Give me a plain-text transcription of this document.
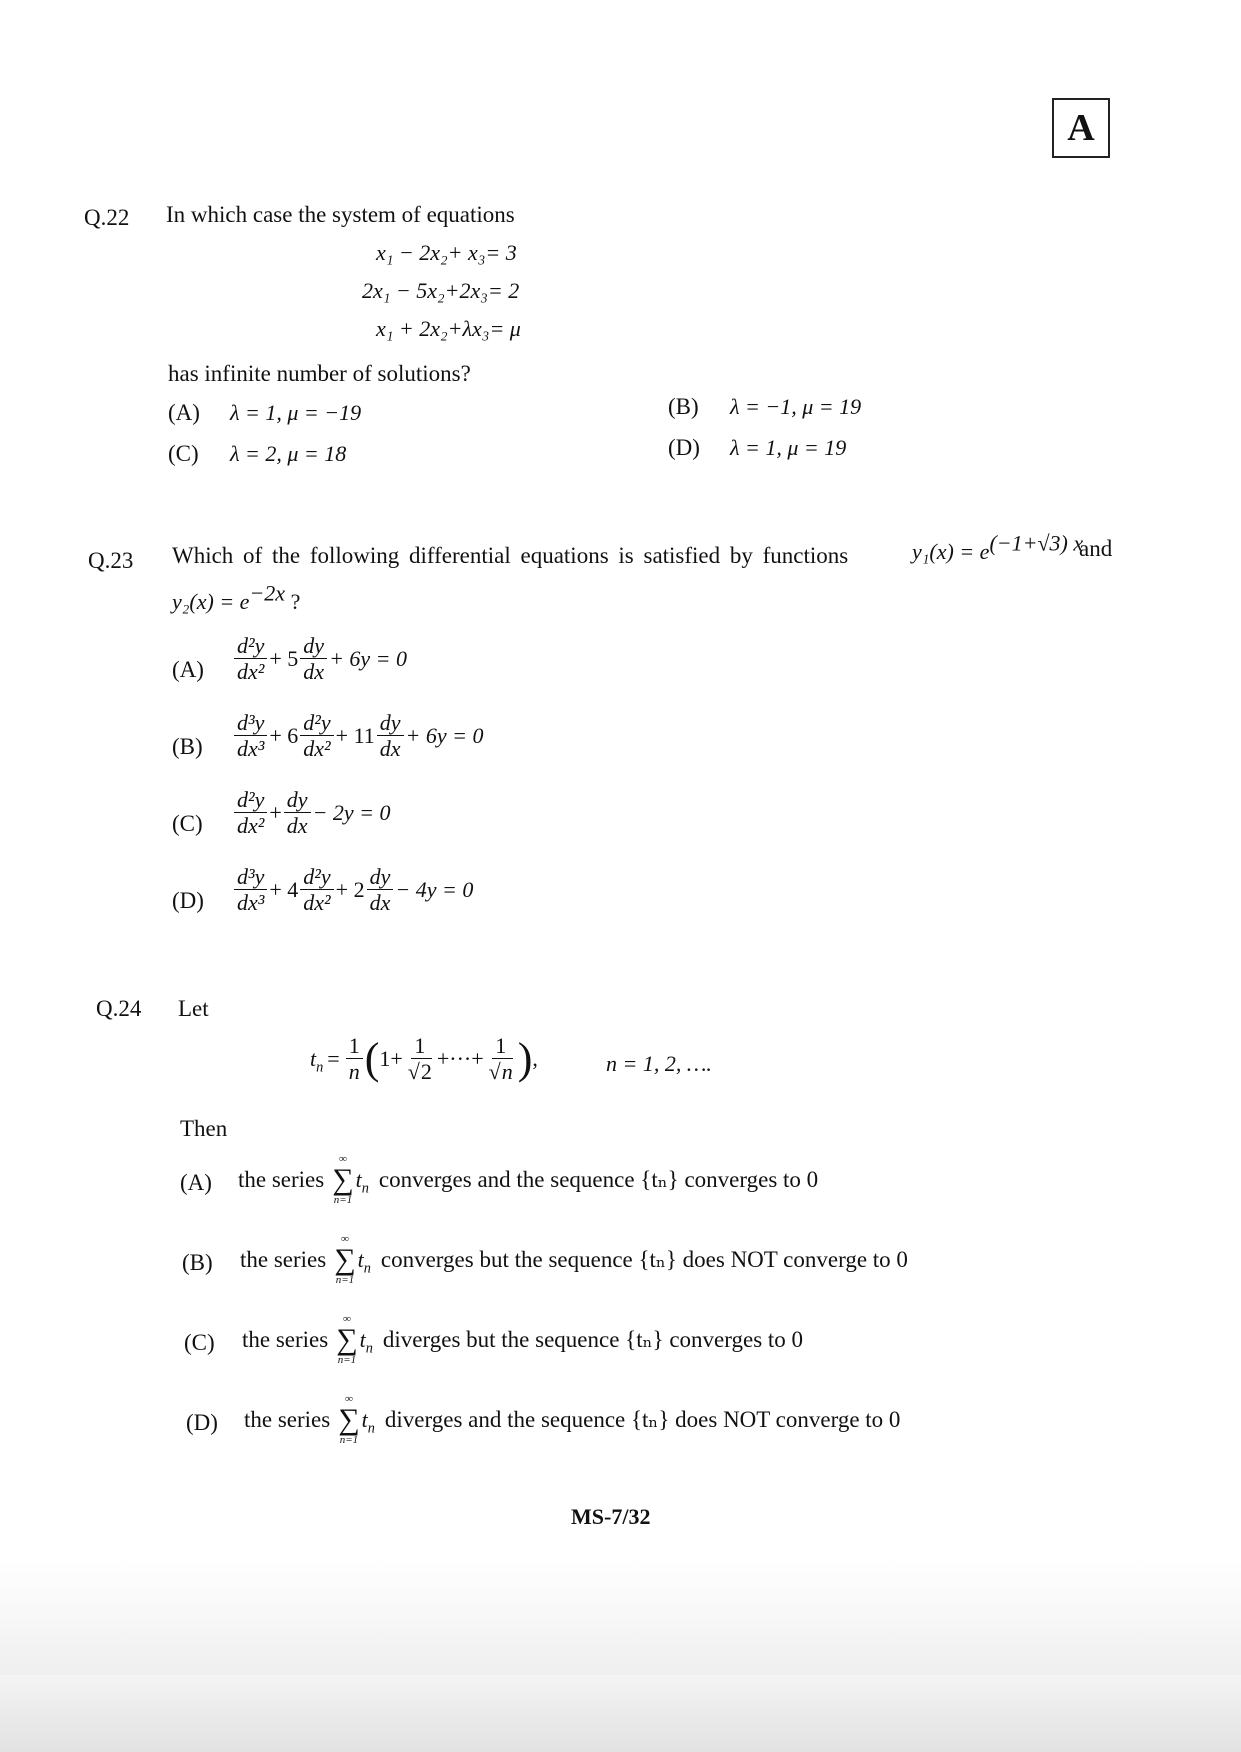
A
Q.22 In which case the system of equations
x₁ − 2x₂+ x₃= 3
2x₁ − 5x₂+2x₃= 2
x₁ + 2x₂+λx₃= μ
has infinite number of solutions?
(A) λ = 1, μ = −19	(B) λ = −1, μ = 19
(C) λ = 2, μ = 18	(D) λ = 1, μ = 19
Q.23 Which of the following differential equations is satisfied by functions	$y_1(x) = e^{(-1+√3) x}$
and
$y_2(x) = e^{-2x}$ ?
$(A) \frac{\text{d²y}}{\text{dx²}} + 5 \frac{dy}{dx} + 6y = 0$
$(B) \frac{\text{d³y}}{\text{dx³}} + 6 \frac{\text{d²y}}{\text{dx²}} + 11 \frac{dy}{dx} + 6y = 0$
$(C) \frac{\text{d²y}}{\text{dx²}} + \frac{dy}{dx} - 2y = 0$
$(D) \frac{\text{d³y}}{\text{dx³}} + 4 \frac{\text{d²y}}{\text{dx²}} + 2 \frac{dy}{dx} - 4y = 0$
Q.24 Let
$t_n = \frac{1}{n}$ ( $1+ \frac{1}{√2}$ +···+ $\frac{1}{√n}$ ) ,	n = 1, 2, ….
Then
(A) the series
∞
∑
n=1
$t_n$ converges and the sequence {tₙ} converges to 0
(B) the series
∞
∑
n=1
$t_n$ converges but the sequence {tₙ} does NOT converge to 0
(C) the series
∞
∑
n=1
$t_n$ diverges but the sequence {tₙ} converges to 0
(D) the series
∞
∑
n=1
$t_n$ diverges and the sequence {tₙ} does NOT converge to 0
MS-7/32
